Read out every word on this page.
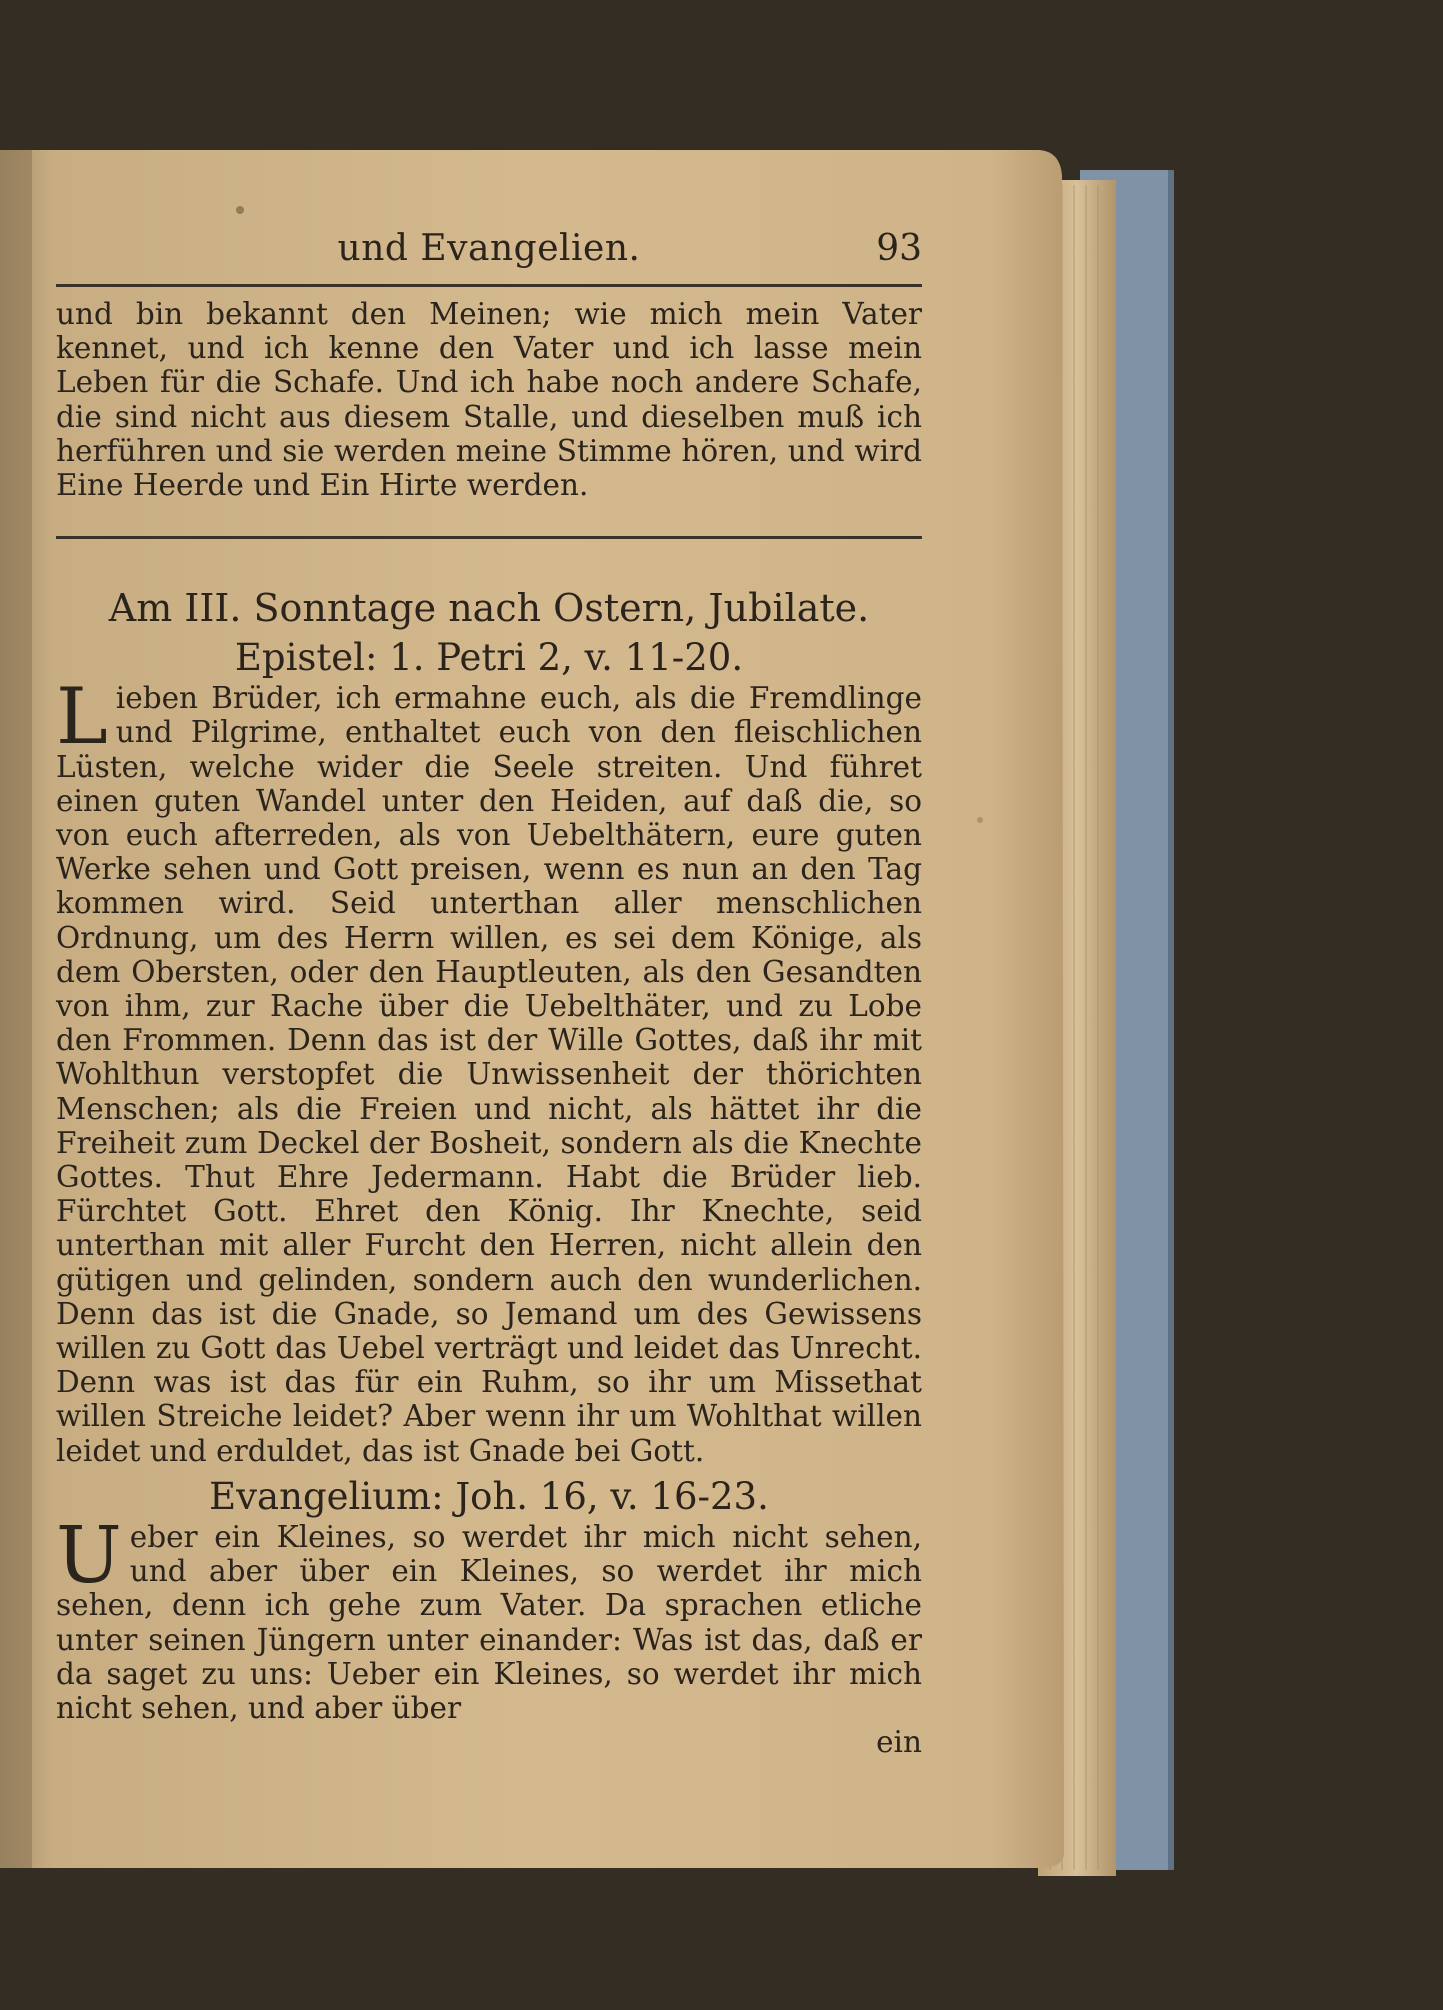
und Evangelien.	93

und bin bekannt den Meinen; wie mich mein Vater kennet, und ich kenne den Vater und ich lasse mein Leben für die Schafe. Und ich habe noch andere Schafe, die sind nicht aus diesem Stalle, und dieselben muß ich herführen und sie werden meine Stimme hören, und wird Eine Heerde und Ein Hirte werden.

Am III. Sonntage nach Ostern, Jubilate.
Epistel: 1. Petri 2, v. 11-20.
L ieben Brüder, ich ermahne euch, als die Fremdlinge und Pilgrime, enthaltet euch von den fleischlichen Lüsten, welche wider die Seele streiten. Und führet einen guten Wandel unter den Heiden, auf daß die, so von euch afterreden, als von Uebelthätern, eure guten Werke sehen und Gott preisen, wenn es nun an den Tag kommen wird. Seid unterthan aller menschlichen Ordnung, um des Herrn willen, es sei dem Könige, als dem Obersten, oder den Hauptleuten, als den Gesandten von ihm, zur Rache über die Uebelthäter, und zu Lobe den Frommen. Denn das ist der Wille Gottes, daß ihr mit Wohlthun verstopfet die Unwissenheit der thörichten Menschen; als die Freien und nicht, als hättet ihr die Freiheit zum Deckel der Bosheit, sondern als die Knechte Gottes. Thut Ehre Jedermann. Habt die Brüder lieb. Fürchtet Gott. Ehret den König. Ihr Knechte, seid unterthan mit aller Furcht den Herren, nicht allein den gütigen und gelinden, sondern auch den wunderlichen. Denn das ist die Gnade, so Jemand um des Gewissens willen zu Gott das Uebel verträgt und leidet das Unrecht. Denn was ist das für ein Ruhm, so ihr um Missethat willen Streiche leidet? Aber wenn ihr um Wohlthat willen leidet und erduldet, das ist Gnade bei Gott.

Evangelium: Joh. 16, v. 16-23.
U eber ein Kleines, so werdet ihr mich nicht sehen, und aber über ein Kleines, so werdet ihr mich sehen, denn ich gehe zum Vater. Da sprachen etliche unter seinen Jüngern unter einander: Was ist das, daß er da saget zu uns: Ueber ein Kleines, so werdet ihr mich nicht sehen, und aber über

ein
